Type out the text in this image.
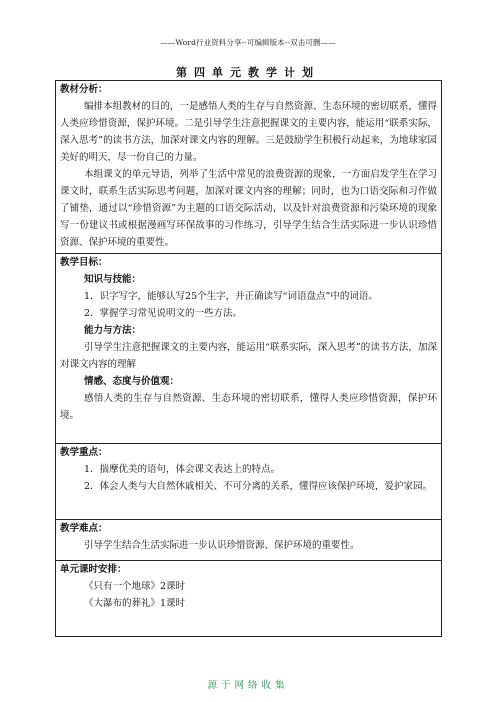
——Word行业资料分享--可编辑版本--双击可删——
第四单元教学计划
教材分析：

编排本组教材的目的，一是感悟人类的生存与自然资源、生态环境的密切联系，懂得人类应珍惜资源，保护环境。二是引导学生注意把握课文的主要内容，能运用“联系实际，深入思考”的读书方法，加深对课文内容的理解。三是鼓励学生积极行动起来，为地球家园美好的明天，尽一份自己的力量。

本组课文的单元导语，列举了生活中常见的浪费资源的现象，一方面启发学生在学习课文时，联系生活实际思考问题，加深对课文内容的理解；同时，也为口语交际和习作做了铺垫，通过以“珍惜资源”为主题的口语交际活动，以及针对浪费资源和污染环境的现象写一份建议书或根据漫画写环保故事的习作练习，引导学生结合生活实际进一步认识珍惜资源、保护环境的重要性。

教学目标：
知识与技能：
1．识字写字，能够认写25个生字，并正确读写“词语盘点”中的词语。
2．掌握学习常见说明文的一些方法。
能力与方法：

引导学生注意把握课文的主要内容，能运用“联系实际，深入思考”的读书方法，加深对课文内容的理解

情感、态度与价值观：

感悟人类的生存与自然资源、生态环境的密切联系，懂得人类应珍惜资源，保护环境。

教学重点：

1．揣摩优美的语句，体会课文表达上的特点。

2．体会人类与大自然休戚相关、不可分离的关系，懂得应该保护环境，爱护家园。

教学难点：

引导学生结合生活实际进一步认识珍惜资源、保护环境的重要性。

单元课时安排：
《只有一个地球》2课时
《大瀑布的葬礼》1课时
源于网络收集
